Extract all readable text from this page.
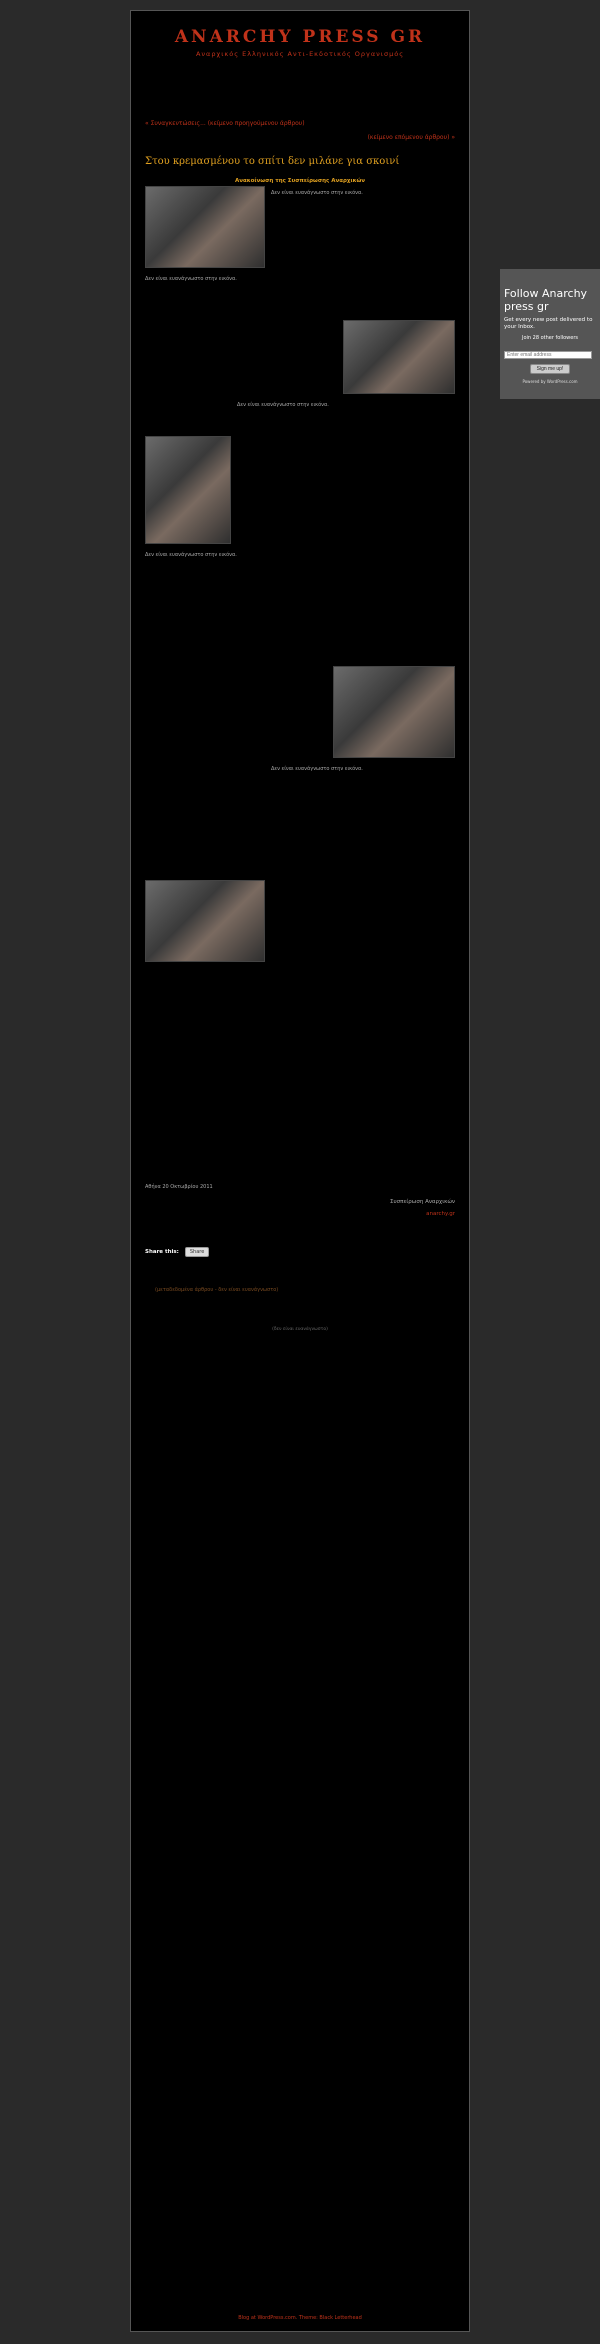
ANARCHY PRESS GR
Αναρχικός Ελληνικός Αντι-Εκδοτικός Οργανισμός
« Συναγκεντώσεις... (κείμενο προηγούμενου άρθρου)
(κείμενο επόμενου άρθρου) »
Στου κρεμασμένου το σπίτι δεν μιλάνε για σκοινί
Ανακοίνωση της Συσπείρωσης Αναρχικών
Δεν είναι ευανάγνωστο στην εικόνα.
Δεν είναι ευανάγνωστο στην εικόνα.
Δεν είναι ευανάγνωστο στην εικόνα.
Δεν είναι ευανάγνωστο στην εικόνα.
Δεν είναι ευανάγνωστο στην εικόνα.
Αθήνα 20 Οκτωβρίου 2011
Συσπείρωση Αναρχικών
anarchy.gr
Share this:	Share
(μεταδεδομένα άρθρου - δεν είναι ευανάγνωστο)
(δεν είναι ευανάγνωστο)
Blog at WordPress.com. Theme: Black Letterhead
Follow Anarchy press gr
Get every new post delivered to your Inbox.
Join 28 other followers
Enter email address
Sign me up!
Powered by WordPress.com
